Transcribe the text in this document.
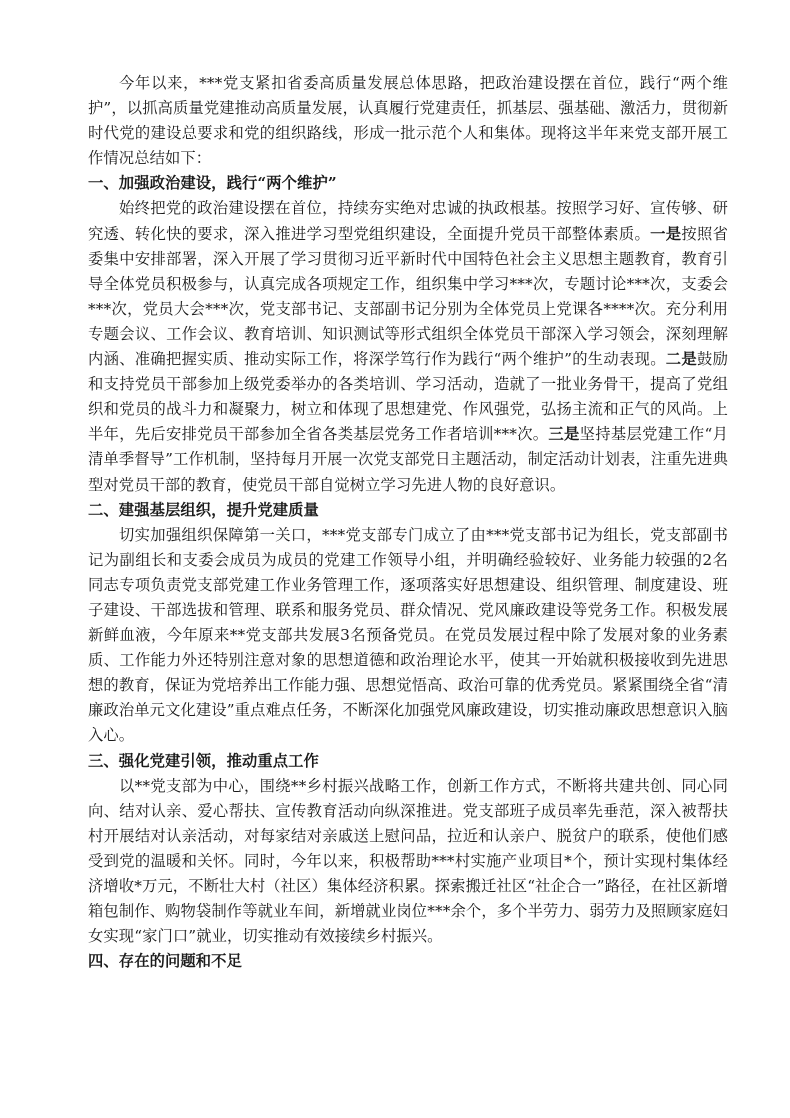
今年以来，***党支紧扣省委高质量发展总体思路，把政治建设摆在首位，践行“两个维护”，以抓高质量党建推动高质量发展，认真履行党建责任，抓基层、强基础、激活力，贯彻新时代党的建设总要求和党的组织路线，形成一批示范个人和集体。现将这半年来党支部开展工作情况总结如下：

一、加强政治建设，践行“两个维护”

始终把党的政治建设摆在首位，持续夯实绝对忠诚的执政根基。按照学习好、宣传够、研究透、转化快的要求，深入推进学习型党组织建设，全面提升党员干部整体素质。一是按照省委集中安排部署，深入开展了学习贯彻习近平新时代中国特色社会主义思想主题教育，教育引导全体党员积极参与，认真完成各项规定工作，组织集中学习***次，专题讨论***次，支委会***次，党员大会***次，党支部书记、支部副书记分别为全体党员上党课各****次。充分利用专题会议、工作会议、教育培训、知识测试等形式组织全体党员干部深入学习领会，深刻理解内涵、准确把握实质、推动实际工作，将深学笃行作为践行“两个维护”的生动表现。二是鼓励和支持党员干部参加上级党委举办的各类培训、学习活动，造就了一批业务骨干，提高了党组织和党员的战斗力和凝聚力，树立和体现了思想建党、作风强党，弘扬主流和正气的风尚。上半年，先后安排党员干部参加全省各类基层党务工作者培训***次。三是坚持基层党建工作“月清单季督导”工作机制，坚持每月开展一次党支部党日主题活动，制定活动计划表，注重先进典型对党员干部的教育，使党员干部自觉树立学习先进人物的良好意识。

二、建强基层组织，提升党建质量

切实加强组织保障第一关口，***党支部专门成立了由***党支部书记为组长，党支部副书记为副组长和支委会成员为成员的党建工作领导小组，并明确经验较好、业务能力较强的2名同志专项负责党支部党建工作业务管理工作，逐项落实好思想建设、组织管理、制度建设、班子建设、干部选拔和管理、联系和服务党员、群众情况、党风廉政建设等党务工作。积极发展新鲜血液，今年原来**党支部共发展3名预备党员。在党员发展过程中除了发展对象的业务素质、工作能力外还特别注意对象的思想道德和政治理论水平，使其一开始就积极接收到先进思想的教育，保证为党培养出工作能力强、思想觉悟高、政治可靠的优秀党员。紧紧围绕全省“清廉政治单元文化建设”重点难点任务，不断深化加强党风廉政建设，切实推动廉政思想意识入脑入心。

三、强化党建引领，推动重点工作

以**党支部为中心，围绕**乡村振兴战略工作，创新工作方式，不断将共建共创、同心同向、结对认亲、爱心帮扶、宣传教育活动向纵深推进。党支部班子成员率先垂范，深入被帮扶村开展结对认亲活动，对每家结对亲戚送上慰问品，拉近和认亲户、脱贫户的联系，使他们感受到党的温暖和关怀。同时，今年以来，积极帮助***村实施产业项目*个，预计实现村集体经济增收*万元，不断壮大村（社区）集体经济积累。探索搬迁社区“社企合一”路径，在社区新增箱包制作、购物袋制作等就业车间，新增就业岗位***余个，多个半劳力、弱劳力及照顾家庭妇女实现“家门口”就业，切实推动有效接续乡村振兴。

四、存在的问题和不足
